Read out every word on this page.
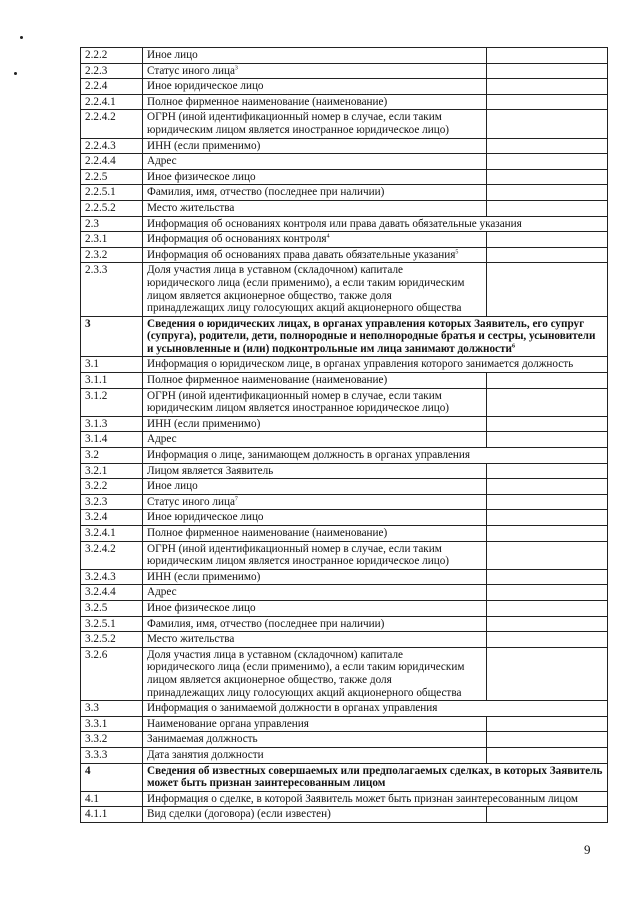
2.2.2	Иное лицо	
2.2.3	Статус иного лица$^3$	
2.2.4	Иное юридическое лицо	
2.2.4.1	Полное фирменное наименование (наименование)	
2.2.4.2	ОГРН (иной идентификационный номер в случае, если таким
юридическим лицом является иностранное юридическое лицо)	
2.2.4.3	ИНН (если применимо)	
2.2.4.4	Адрес	
2.2.5	Иное физическое лицо	
2.2.5.1	Фамилия, имя, отчество (последнее при наличии)	
2.2.5.2	Место жительства	
2.3	Информация об основаниях контроля или права давать обязательные указания	
2.3.1	Информация об основаниях контроля$^4$	
2.3.2	Информация об основаниях права давать обязательные указания$^5$	
2.3.3	Доля участия лица в уставном (складочном) капитале
юридического лица (если применимо), а если таким юридическим
лицом является акционерное общество, также доля
принадлежащих лицу голосующих акций акционерного общества	
3	Сведения о юридических лицах, в органах управления которых Заявитель, его супруг (супруга), родители, дети, полнородные и неполнородные братья и сестры, усыновители и усыновленные и (или) подконтрольные им лица занимают должности$^6$
3.1	Информация о юридическом лице, в органах управления которого занимается должность	
3.1.1	Полное фирменное наименование (наименование)	
3.1.2	ОГРН (иной идентификационный номер в случае, если таким
юридическим лицом является иностранное юридическое лицо)	
3.1.3	ИНН (если применимо)	
3.1.4	Адрес	
3.2	Информация о лице, занимающем должность в органах управления	
3.2.1	Лицом является Заявитель	
3.2.2	Иное лицо	
3.2.3	Статус иного лица$^7$	
3.2.4	Иное юридическое лицо	
3.2.4.1	Полное фирменное наименование (наименование)	
3.2.4.2	ОГРН (иной идентификационный номер в случае, если таким
юридическим лицом является иностранное юридическое лицо)	
3.2.4.3	ИНН (если применимо)	
3.2.4.4	Адрес	
3.2.5	Иное физическое лицо	
3.2.5.1	Фамилия, имя, отчество (последнее при наличии)	
3.2.5.2	Место жительства	
3.2.6	Доля участия лица в уставном (складочном) капитале
юридического лица (если применимо), а если таким юридическим
лицом является акционерное общество, также доля
принадлежащих лицу голосующих акций акционерного общества	
3.3	Информация о занимаемой должности в органах управления	
3.3.1	Наименование органа управления	
3.3.2	Занимаемая должность	
3.3.3	Дата занятия должности	
4	Сведения об известных совершаемых или предполагаемых сделках, в которых Заявитель может быть признан заинтересованным лицом	
4.1	Информация о сделке, в которой Заявитель может быть признан заинтересованным лицом	
4.1.1	Вид сделки (договора) (если известен)	
9
